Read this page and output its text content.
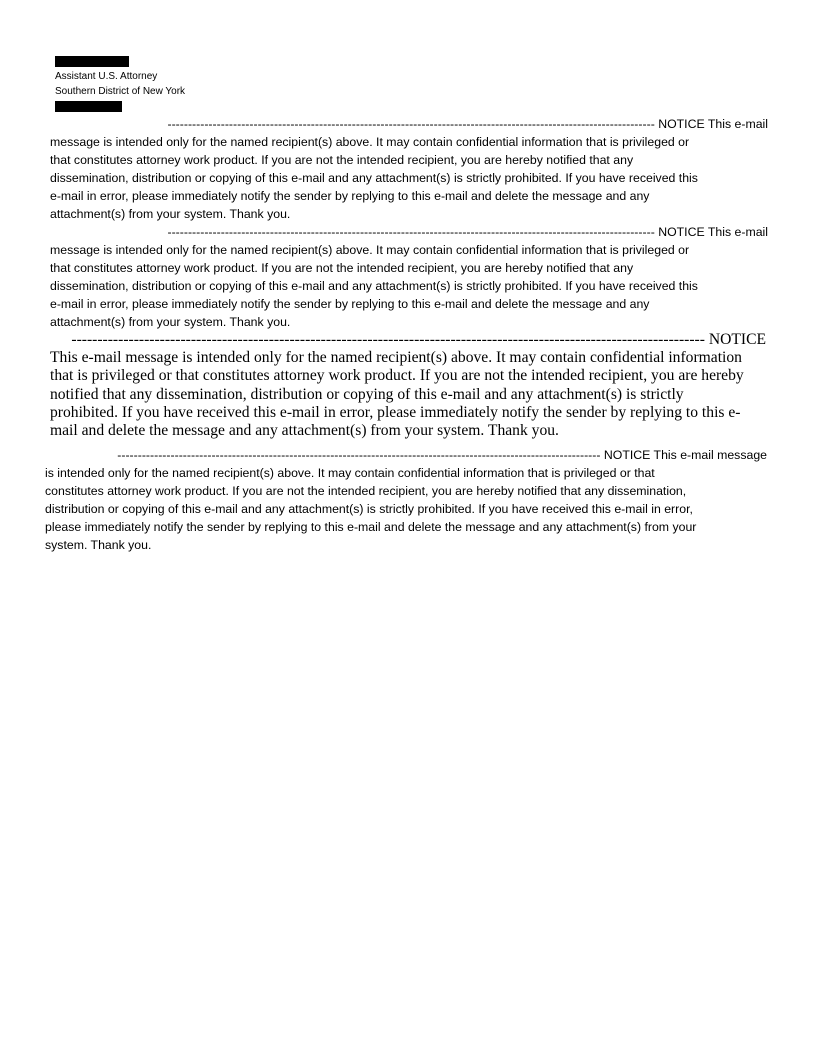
Assistant U.S. Attorney
Southern District of New York
----------------------------------------------------------------------------------------------------------------------- NOTICE This e-mail
message is intended only for the named recipient(s) above. It may contain confidential information that is privileged or
that constitutes attorney work product. If you are not the intended recipient, you are hereby notified that any
dissemination, distribution or copying of this e-mail and any attachment(s) is strictly prohibited. If you have received this
e-mail in error, please immediately notify the sender by replying to this e-mail and delete the message and any
attachment(s) from your system. Thank you.
----------------------------------------------------------------------------------------------------------------------- NOTICE This e-mail
message is intended only for the named recipient(s) above. It may contain confidential information that is privileged or
that constitutes attorney work product. If you are not the intended recipient, you are hereby notified that any
dissemination, distribution or copying of this e-mail and any attachment(s) is strictly prohibited. If you have received this
e-mail in error, please immediately notify the sender by replying to this e-mail and delete the message and any
attachment(s) from your system. Thank you.
-------------------------------------------------------------------------------------------------------------------------- NOTICE
This e-mail message is intended only for the named recipient(s) above. It may contain confidential information
that is privileged or that constitutes attorney work product. If you are not the intended recipient, you are hereby
notified that any dissemination, distribution or copying of this e-mail and any attachment(s) is strictly
prohibited. If you have received this e-mail in error, please immediately notify the sender by replying to this e-
mail and delete the message and any attachment(s) from your system. Thank you.
---------------------------------------------------------------------------------------------------------------------- NOTICE This e-mail message
is intended only for the named recipient(s) above. It may contain confidential information that is privileged or that
constitutes attorney work product. If you are not the intended recipient, you are hereby notified that any dissemination,
distribution or copying of this e-mail and any attachment(s) is strictly prohibited. If you have received this e-mail in error,
please immediately notify the sender by replying to this e-mail and delete the message and any attachment(s) from your
system. Thank you.
